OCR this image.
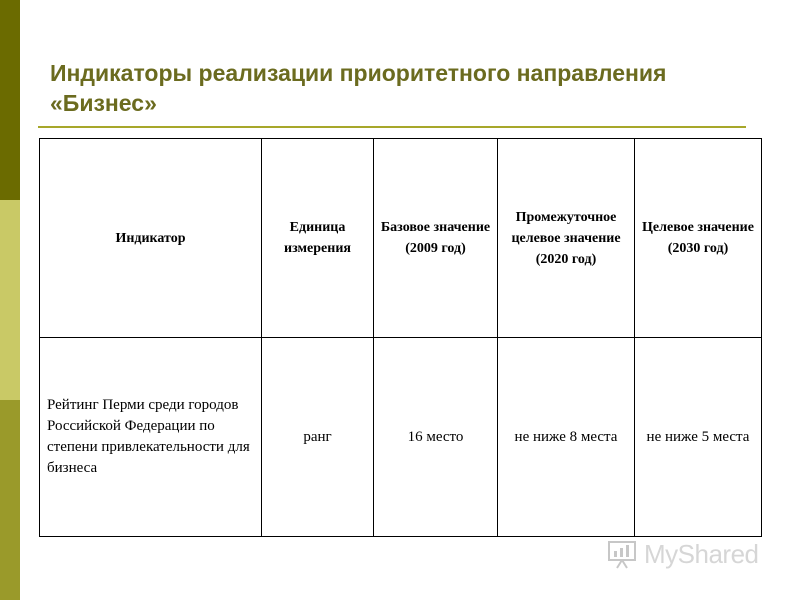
Индикаторы реализации приоритетного направления
«Бизнес»
Индикатор	Единица измерения	Базовое значение (2009 год)	Промежуточное целевое значение (2020 год)	Целевое значение (2030 год)
Рейтинг Перми среди городов Российской Федерации по степени привлекательности для бизнеса	ранг	16 место	не ниже 8 места	не ниже 5 места
MyShared
